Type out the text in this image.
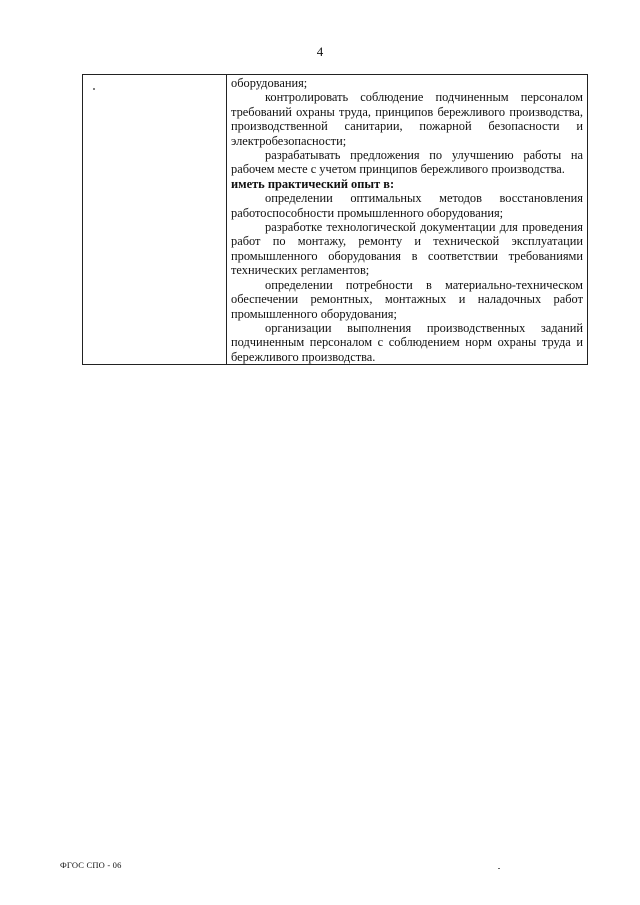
4

оборудования;

контролировать соблюдение подчиненным персоналом требований охраны труда, принципов бережливого производства, производственной санитарии, пожарной безопасности и электробезопасности;

разрабатывать предложения по улучшению работы на рабочем месте с учетом принципов бережливого производства.

иметь практический опыт в:

определении оптимальных методов восстановления работоспособности промышленного оборудования;

разработке технологической документации для проведения работ по монтажу, ремонту и технической эксплуатации промышленного оборудования в соответствии требованиями технических регламентов;

определении потребности в материально-техническом обеспечении ремонтных, монтажных и наладочных работ промышленного оборудования;

организации выполнения производственных заданий подчиненным персоналом с соблюдением норм охраны труда и бережливого производства.

ФГОС СПО - 06
